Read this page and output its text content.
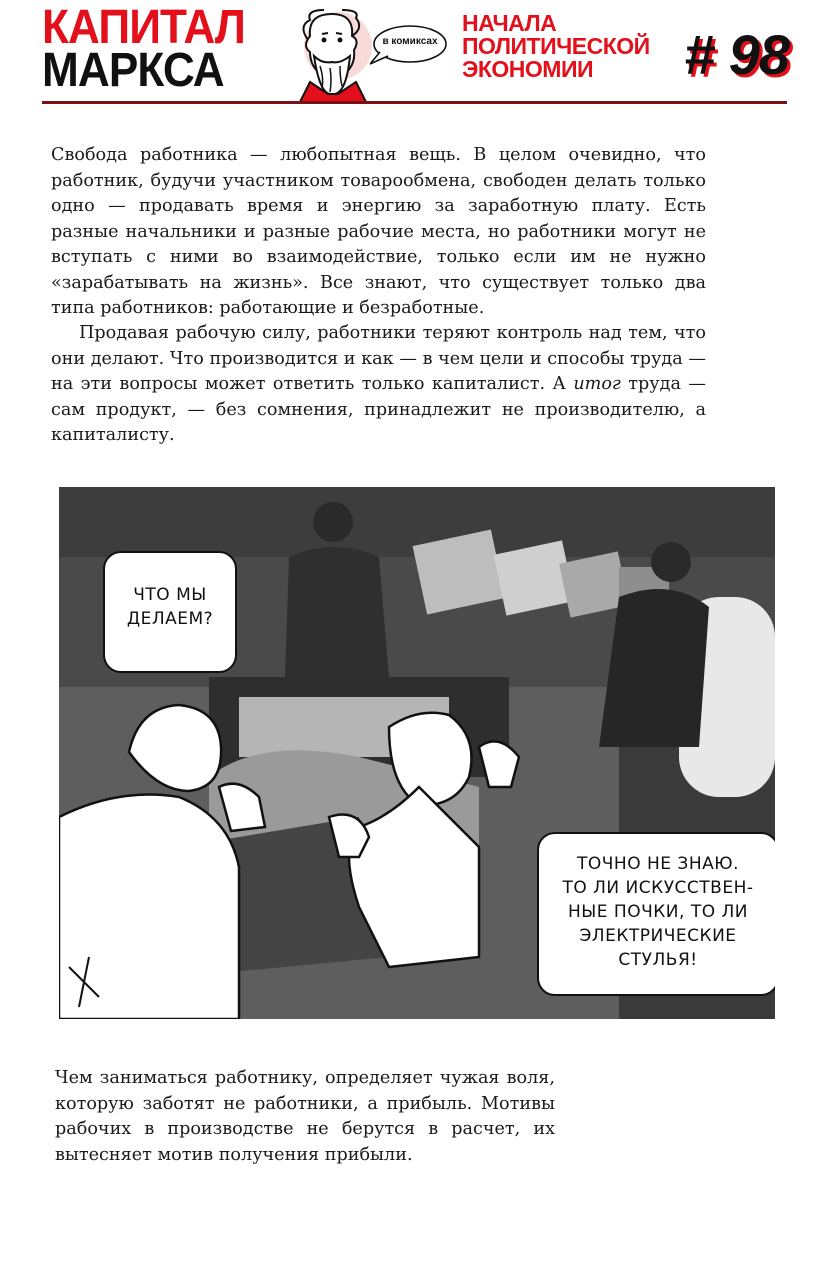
КАПИТАЛ
МАРКСА
в комиксах
НАЧАЛА
ПОЛИТИЧЕСКОЙ
ЭКОНОМИИ	# 98

Свобода работника — любопытная вещь. В целом очевидно, что работник, будучи участником товарообмена, свободен делать только одно — продавать время и энергию за заработную плату. Есть разные начальники и разные рабочие места, но работники могут не вступать с ними во взаимодействие, только если им не нужно «зарабатывать на жизнь». Все знают, что существует только два типа работников: работающие и безработные.

Продавая рабочую силу, работники теряют контроль над тем, что они делают. Что производится и как — в чем цели и способы труда — на эти вопросы может ответить только капиталист. А итог труда — сам продукт, — без сомнения, принадлежит не производителю, а капиталисту.

ЧТО МЫ
ДЕЛАЕМ?
ТОЧНО НЕ ЗНАЮ.
ТО ЛИ ИСКУССТВЕН-
НЫЕ ПОЧКИ, ТО ЛИ
ЭЛЕКТРИЧЕСКИЕ
СТУЛЬЯ!

Чем заниматься работнику, определяет чужая воля, которую заботят не работники, а прибыль. Мотивы рабочих в производстве не берутся в расчет, их вытесняет мотив получения прибыли.
